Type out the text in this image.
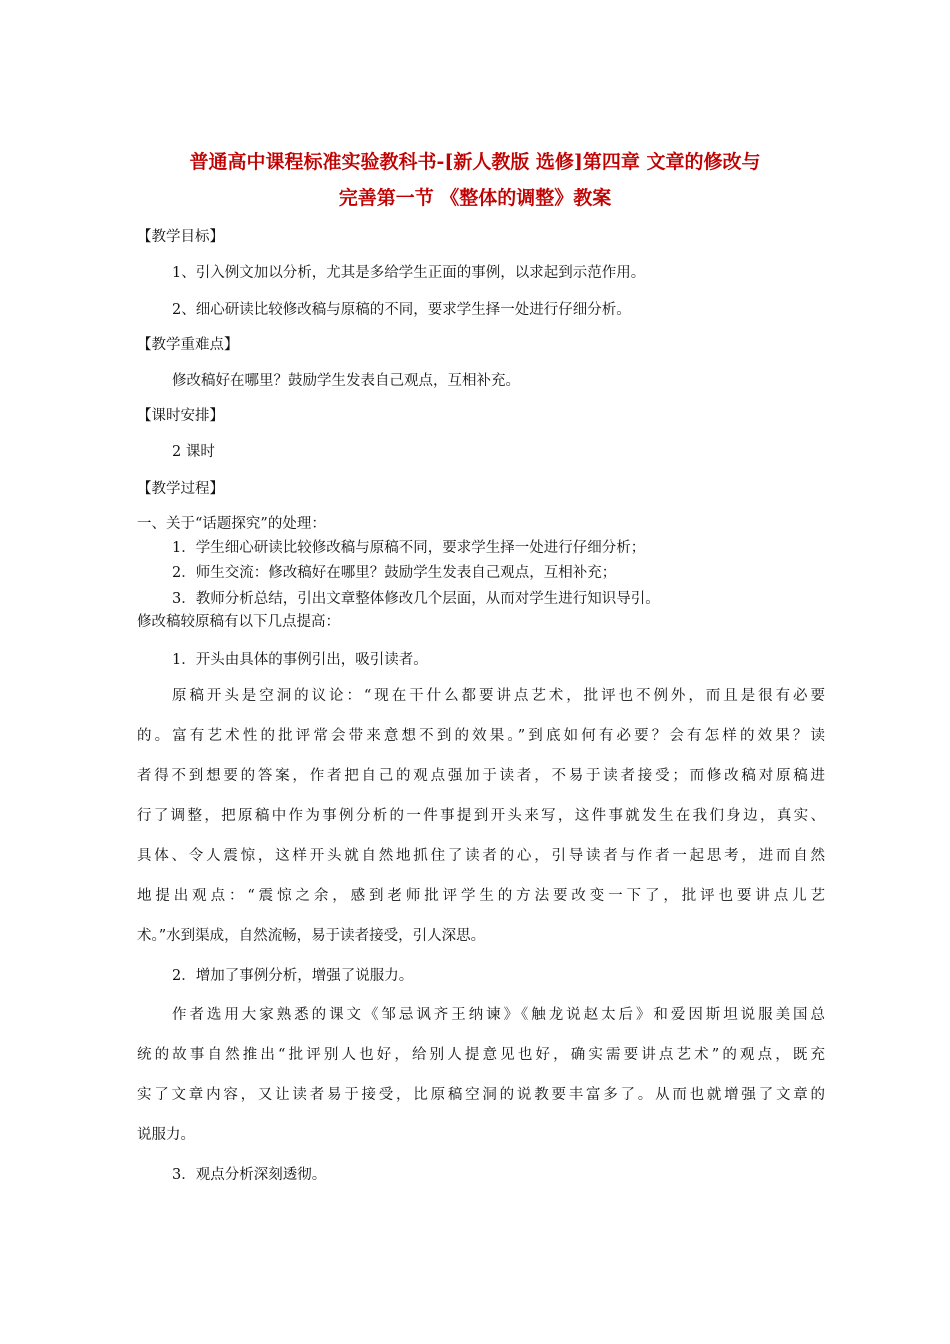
普通高中课程标准实验教科书-[新人教版 选修]第四章 文章的修改与
完善第一节 《整体的调整》教案

【教学目标】

1、引入例文加以分析，尤其是多给学生正面的事例，以求起到示范作用。

2、细心研读比较修改稿与原稿的不同，要求学生择一处进行仔细分析。

【教学重难点】

修改稿好在哪里？鼓励学生发表自己观点，互相补充。

【课时安排】

2 课时

【教学过程】

一、关于“话题探究”的处理：

1．学生细心研读比较修改稿与原稿不同，要求学生择一处进行仔细分析；

2．师生交流：修改稿好在哪里？鼓励学生发表自己观点，互相补充；

3．教师分析总结，引出文章整体修改几个层面，从而对学生进行知识导引。

修改稿较原稿有以下几点提高：

1．开头由具体的事例引出，吸引读者。

原稿开头是空洞的议论：“现在干什么都要讲点艺术，批评也不例外，而且是很有必要

的。富有艺术性的批评常会带来意想不到的效果。”到底如何有必要？会有怎样的效果？读

者得不到想要的答案，作者把自己的观点强加于读者，不易于读者接受；而修改稿对原稿进

行了调整，把原稿中作为事例分析的一件事提到开头来写，这件事就发生在我们身边，真实、

具体、令人震惊，这样开头就自然地抓住了读者的心，引导读者与作者一起思考，进而自然

地提出观点：“震惊之余，感到老师批评学生的方法要改变一下了，批评也要讲点儿艺

术。”水到渠成，自然流畅，易于读者接受，引人深思。

2．增加了事例分析，增强了说服力。

作者选用大家熟悉的课文《邹忌讽齐王纳谏》《触龙说赵太后》和爱因斯坦说服美国总

统的故事自然推出“批评别人也好，给别人提意见也好，确实需要讲点艺术”的观点，既充

实了文章内容，又让读者易于接受，比原稿空洞的说教要丰富多了。从而也就增强了文章的

说服力。

3．观点分析深刻透彻。
